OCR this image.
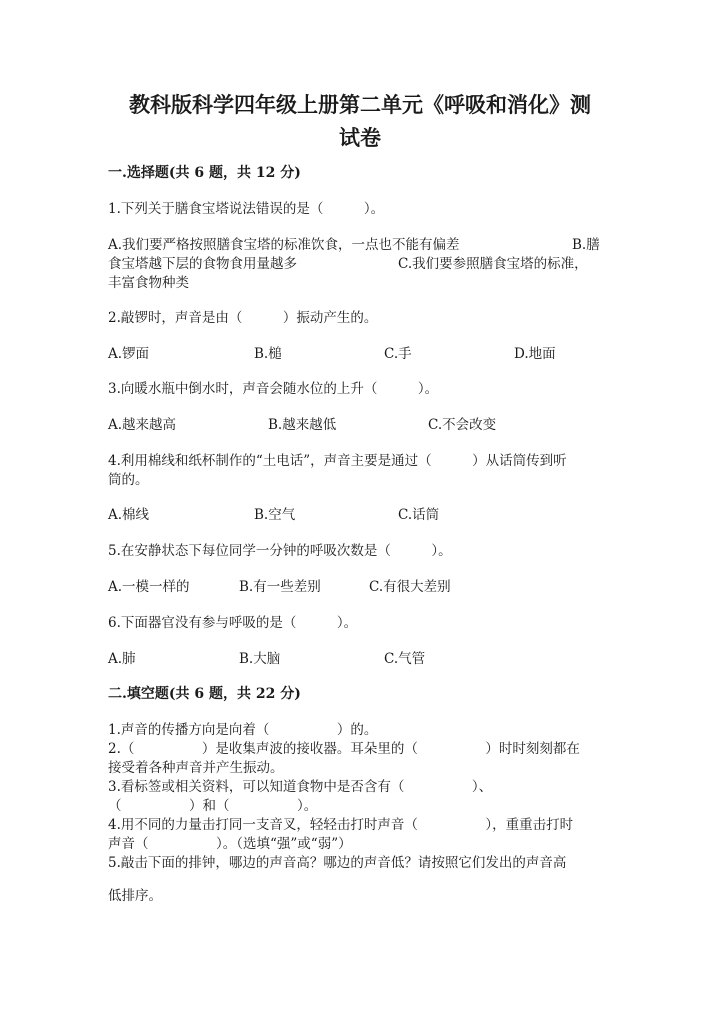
教科版科学四年级上册第二单元《呼吸和消化》测
试卷
一.选择题(共 6 题，共 12 分)
1.下列关于膳食宝塔说法错误的是（　　　）。
A.我们要严格按照膳食宝塔的标准饮食，一点也不能有偏差	B.膳
食宝塔越下层的食物食用量越多	C.我们要参照膳食宝塔的标准，
丰富食物种类
2.敲锣时，声音是由（　　　）振动产生的。
A.锣面	B.槌	C.手	D.地面
3.向暖水瓶中倒水时，声音会随水位的上升（　　　）。
A.越来越高	B.越来越低	C.不会改变
4.利用棉线和纸杯制作的“土电话”，声音主要是通过（　　　）从话筒传到听
筒的。
A.棉线	B.空气	C.话筒
5.在安静状态下每位同学一分钟的呼吸次数是（　　　）。
A.一模一样的	B.有一些差别	C.有很大差别
6.下面器官没有参与呼吸的是（　　　）。
A.肺	B.大脑	C.气管
二.填空题(共 6 题，共 22 分)
1.声音的传播方向是向着（　　　　　）的。
2.（　　　　　）是收集声波的接收器。耳朵里的（　　　　　）时时刻刻都在
接受着各种声音并产生振动。
3.看标签或相关资料，可以知道食物中是否含有（　　　　　）、
（　　　　　）和（　　　　　）。
4.用不同的力量击打同一支音叉，轻轻击打时声音（　　　　　），重重击打时
声音（　　　　　）。（选填“强”或“弱”）
5.敲击下面的排钟，哪边的声音高？哪边的声音低？请按照它们发出的声音高
低排序。
